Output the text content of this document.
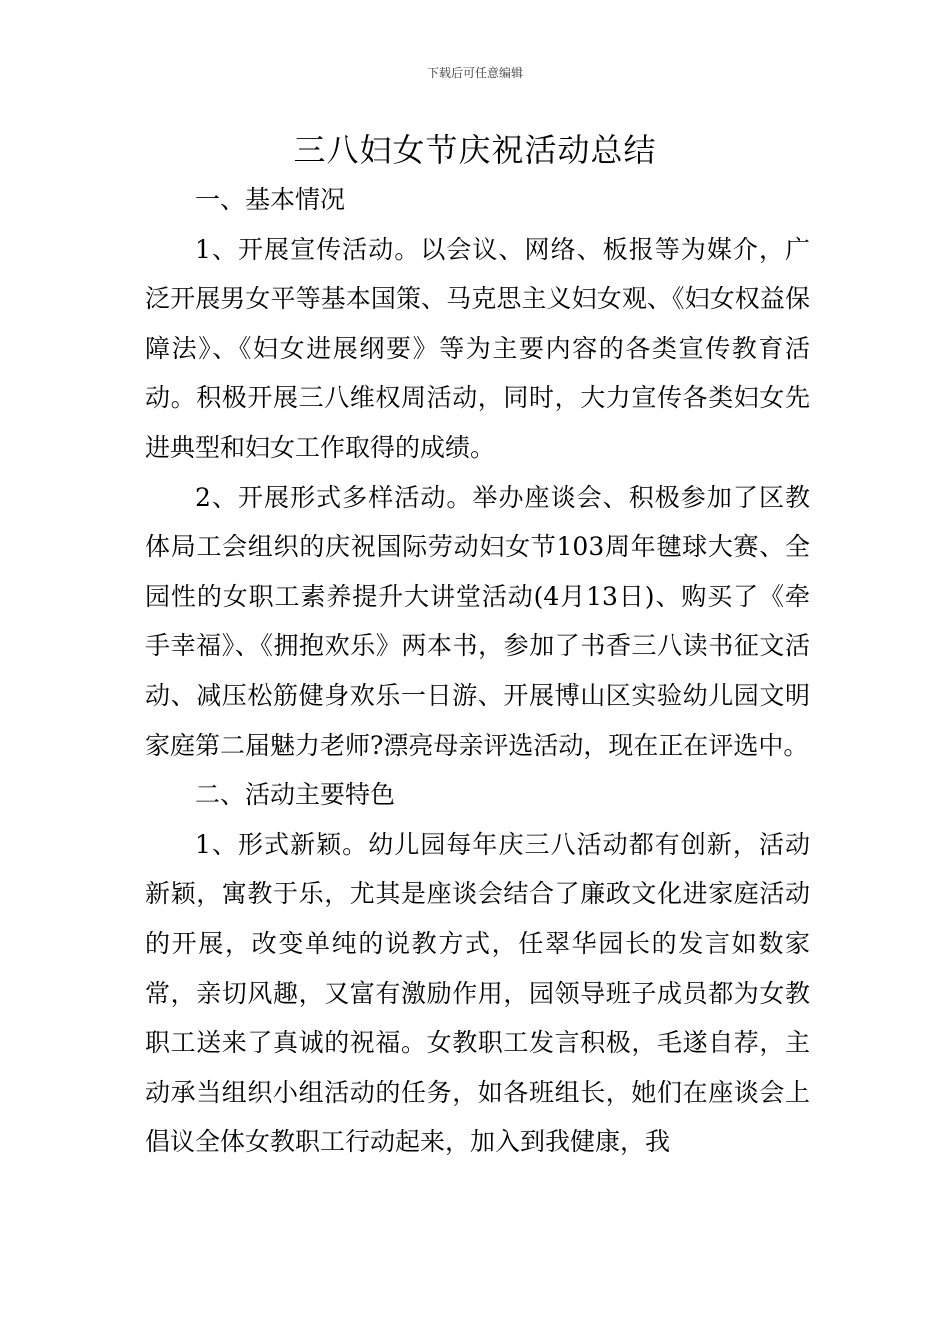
下载后可任意编辑
三八妇女节庆祝活动总结
一、基本情况

1、开展宣传活动。以会议、网络、板报等为媒介，广泛开展男女平等基本国策、马克思主义妇女观、《妇女权益保障法》、《妇女进展纲要》等为主要内容的各类宣传教育活动。积极开展三八维权周活动，同时，大力宣传各类妇女先进典型和妇女工作取得的成绩。

2、开展形式多样活动。举办座谈会、积极参加了区教体局工会组织的庆祝国际劳动妇女节103周年毽球大赛、全园性的女职工素养提升大讲堂活动(4月13日)、购买了《牵手幸福》、《拥抱欢乐》两本书，参加了书香三八读书征文活动、减压松筋健身欢乐一日游、开展博山区实验幼儿园文明家庭第二届魅力老师?漂亮母亲评选活动，现在正在评选中。

二、活动主要特色

1、形式新颖。幼儿园每年庆三八活动都有创新，活动新颖，寓教于乐，尤其是座谈会结合了廉政文化进家庭活动的开展，改变单纯的说教方式，任翠华园长的发言如数家常，亲切风趣，又富有激励作用，园领导班子成员都为女教职工送来了真诚的祝福。女教职工发言积极，毛遂自荐，主动承当组织小组活动的任务，如各班组长，她们在座谈会上倡议全体女教职工行动起来，加入到我健康，我
